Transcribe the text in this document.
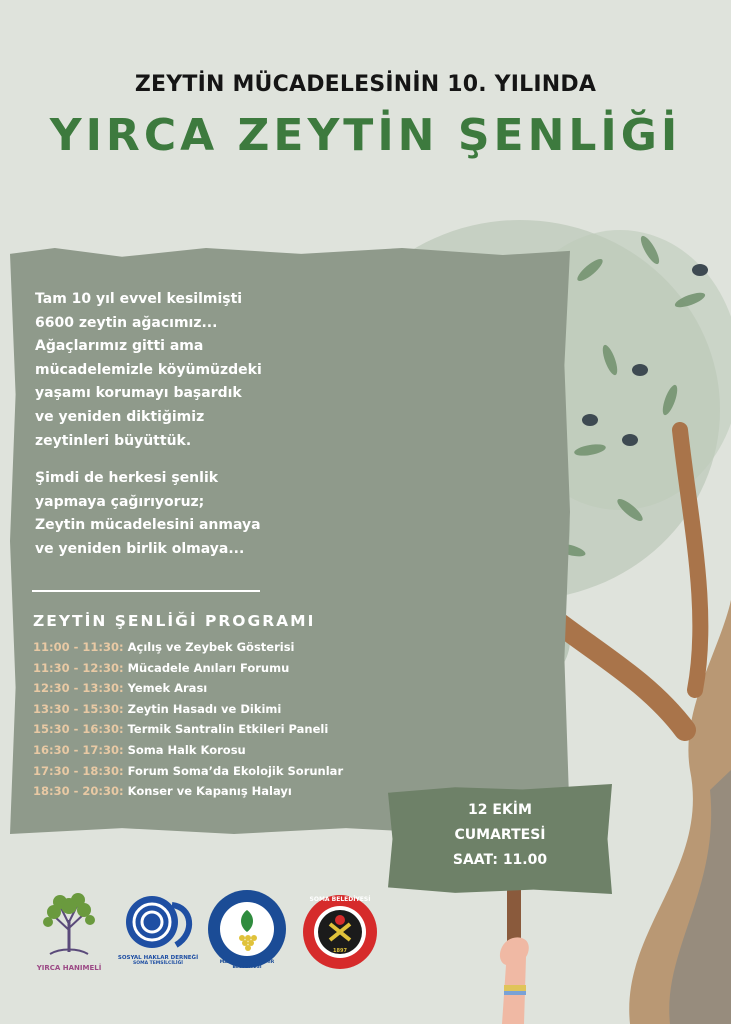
ZEYTİN MÜCADELESİNİN 10. YILINDA
YIRCA ZEYTİN ŞENLİĞİ

Tam 10 yıl evvel kesilmişti
6600 zeytin ağacımız...
Ağaçlarımız gitti ama
mücadelemizle köyümüzdeki
yaşamı korumayı başardık
ve yeniden diktiğimiz
zeytinleri büyüttük.

Şimdi de herkesi şenlik
yapmaya çağırıyoruz;
Zeytin mücadelesini anmaya
ve yeniden birlik olmaya...

ZEYTİN ŞENLİĞİ PROGRAMI
11:00 - 11:30: Açılış ve Zeybek Gösterisi
11:30 - 12:30: Mücadele Anıları Forumu
12:30 - 13:30: Yemek Arası
13:30 - 15:30: Zeytin Hasadı ve Dikimi
15:30 - 16:30: Termik Santralin Etkileri Paneli
16:30 - 17:30: Soma Halk Korosu
17:30 - 18:30: Forum Soma’da Ekolojik Sorunlar
18:30 - 20:30: Konser ve Kapanış Halayı
12 EKİM
CUMARTESİ
SAAT: 11.00
YIRCA HANIMELİ
SOSYAL HAKLAR DERNEĞİ
SOMA TEMSİLCİLİĞİ	MANİSA BÜYÜKŞEHİR BELEDİYESİ
SOMA BELEDİYESİ
1897
